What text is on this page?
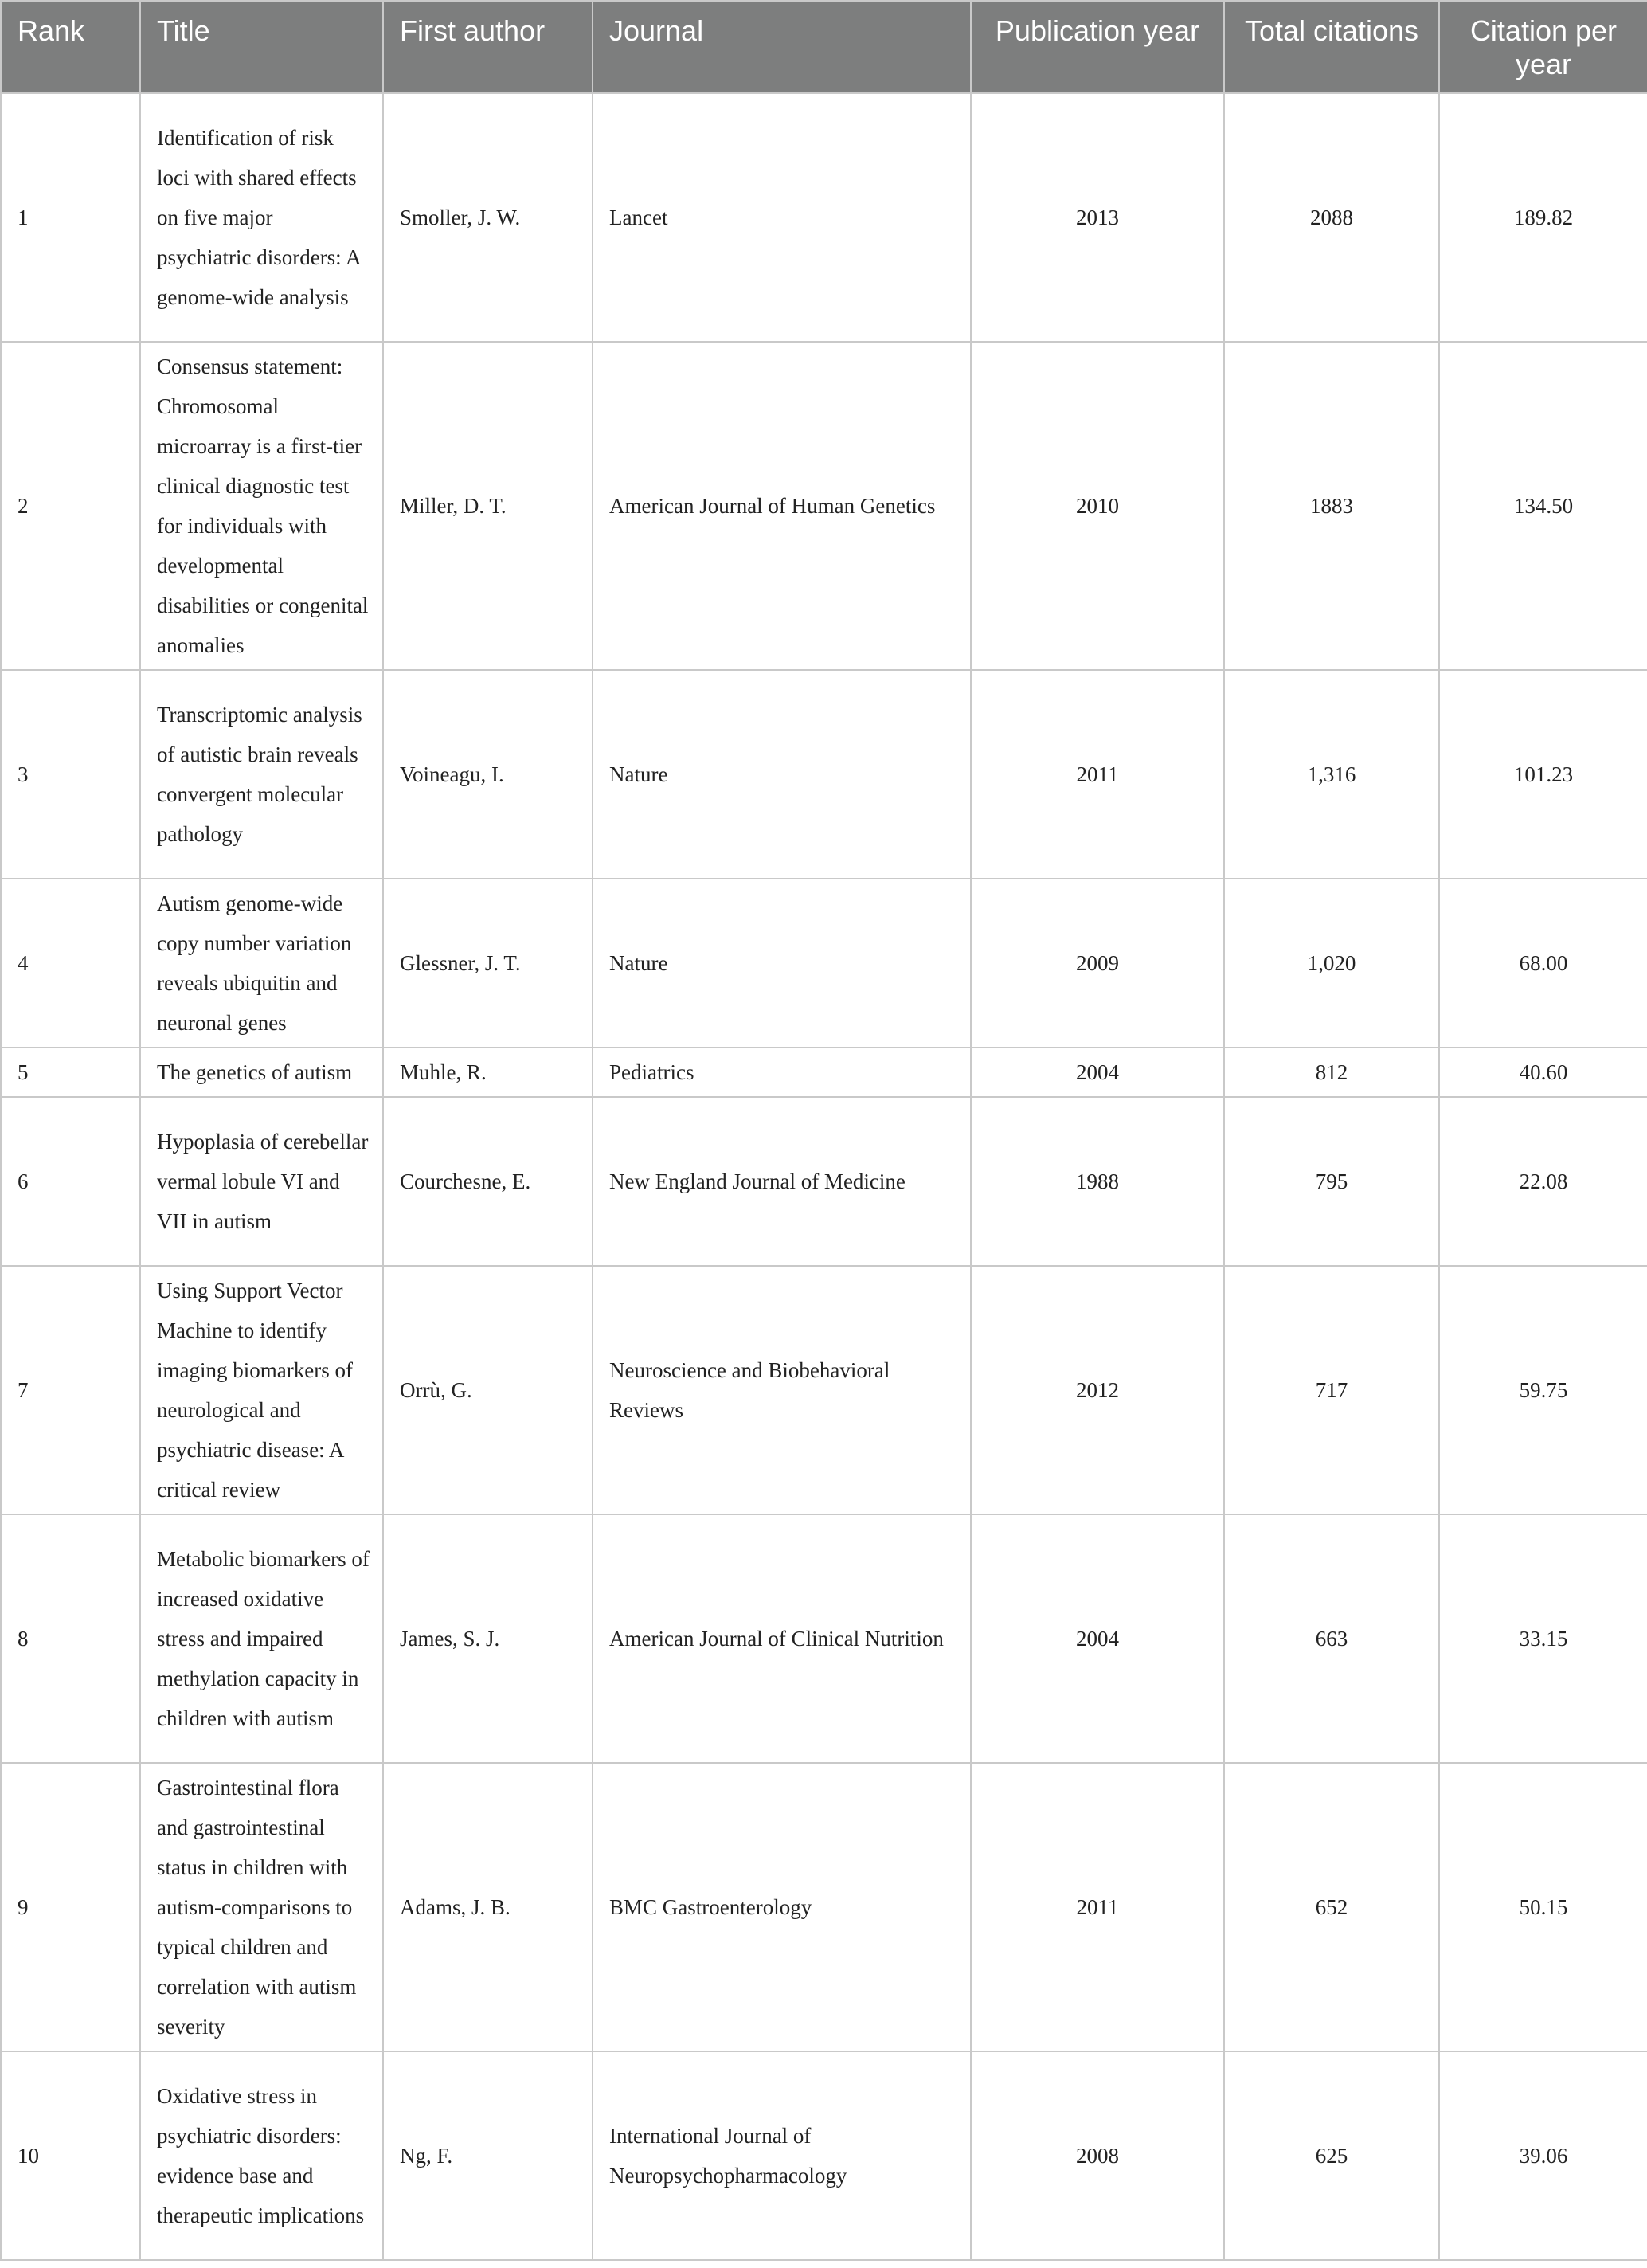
Rank	Title	First author	Journal	Publication year	Total citations	Citation per year
1	Identification of risk loci with shared effects on five major psychiatric disorders: A genome-wide analysis	Smoller, J. W.	Lancet	2013	2088	189.82
2	Consensus statement: Chromosomal microarray is a first-tier clinical diagnostic test for individuals with developmental disabilities or congenital anomalies	Miller, D. T.	American Journal of Human Genetics	2010	1883	134.50
3	Transcriptomic analysis of autistic brain reveals convergent molecular pathology	Voineagu, I.	Nature	2011	1,316	101.23
4	Autism genome-wide copy number variation reveals ubiquitin and neuronal genes	Glessner, J. T.	Nature	2009	1,020	68.00
5	The genetics of autism	Muhle, R.	Pediatrics	2004	812	40.60
6	Hypoplasia of cerebellar vermal lobule VI and VII in autism	Courchesne, E.	New England Journal of Medicine	1988	795	22.08
7	Using Support Vector Machine to identify imaging biomarkers of neurological and psychiatric disease: A critical review	Orrù, G.	Neuroscience and Biobehavioral Reviews	2012	717	59.75
8	Metabolic biomarkers of increased oxidative stress and impaired methylation capacity in children with autism	James, S. J.	American Journal of Clinical Nutrition	2004	663	33.15
9	Gastrointestinal flora and gastrointestinal status in children with autism-comparisons to typical children and correlation with autism severity	Adams, J. B.	BMC Gastroenterology	2011	652	50.15
10	Oxidative stress in psychiatric disorders: evidence base and therapeutic implications	Ng, F.	International Journal of Neuropsychopharmacology	2008	625	39.06
